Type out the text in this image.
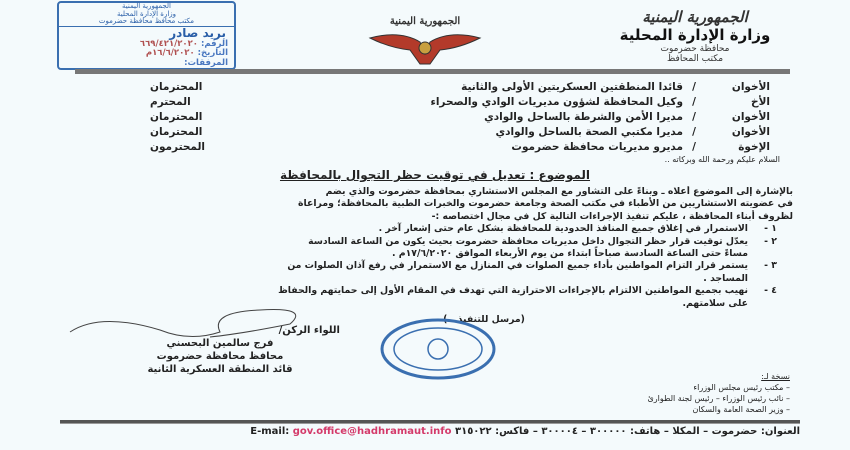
الجمهورية اليمنية
وزارة الإدارة المحلية
محافظة حضرموت
مكتب المحافظ
الجمهورية اليمنية
الجمهورية اليمنية
وزارة الإدارة المحلية
مكتب محافظ محافظة حضرموت
بريد صادر
الرقم: ٦٦٩/٤٢١/٢٠٢٠
التاريخ: ١٦/٦/٢٠٢٠م
المرفقات:
الأخوان
/
قائدا المنطقتين العسكريتين الأولى والثانية
المحترمان
الأخ
/
وكيل المحافظة لشؤون مديريات الوادي والصحراء
المحترم
الأخوان
/
مديرا الأمن والشرطة بالساحل والوادي
المحترمان
الأخوان
/
مديرا مكتبي الصحة بالساحل والوادي
المحترمان
الإخوة
/
مديرو مديريات محافظة حضرموت
المحترمون
السلام عليكم ورحمة الله وبركاته ..
الموضوع : تعديل في توقيت حظر التجوال بالمحافظة
بالإشارة إلى الموضوع أعلاه ـ وبناءً على التشاور مع المجلس الاستشاري بمحافظة حضرموت والذي يضم
في عضويته الاستشاريين من الأطباء في مكتب الصحة وجامعة حضرموت والخبرات الطبية بالمحافظة؛ ومراعاة
لظروف أبناء المحافظة ، عليكم تنفيذ الإجراءات التالية كل في مجال اختصاصه :-
١ -
الاستمرار في إغلاق جميع المنافذ الحدودية للمحافظة بشكل عام حتى إشعار آخر .
٢ -
يعدّل توقيت قرار حظر التجوال داخل مديريات محافظة حضرموت بحيث يكون من الساعة السادسة
مساءً حتى الساعة السادسة صباحاً ابتداء من يوم الأربعاء الموافق ١٧/٦/٢٠٢٠م .
٣ -
يستمر قرار التزام المواطنين بأداء جميع الصلوات في المنازل مع الاستمرار في رفع آذان الصلوات من
المساجد .
٤ -
نهيب بجميع المواطنين الالتزام بالإجراءات الاحترازية التي تهدف في المقام الأول إلى حمايتهم والحفاظ
على سلامتهم.
(مرسل للتنفيذ ..)
اللواء الركن/
فرج سالمين البحسني
محافظ محافظة حضرموت
قائد المنطقة العسكرية الثانية
نسخة لـ:
– مكتب رئيس مجلس الوزراء
– نائب رئيس الوزراء – رئيس لجنة الطوارئ
– وزير الصحة العامة والسكان
العنوان: حضرموت – المكلا – هاتف: ٣٠٠٠٠٠ – ٣٠٠٠٠٤ – فاكس: ٣١٥٠٢٢ gov.office@hadhramaut.info E-mail:
